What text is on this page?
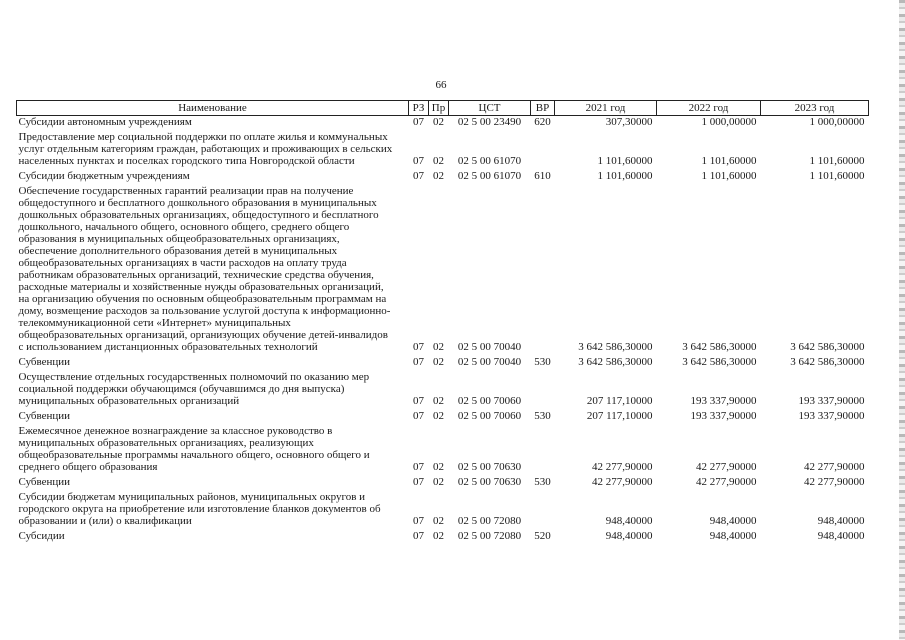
66
Наименование	РЗ	Пр	ЦСТ	ВР	2021 год	2022 год	2023 год
Субсидии автономным учреждениям	07	02	02 5 00 23490	620	307,30000	1 000,00000	1 000,00000
Предоставление мер социальной поддержки по оплате жилья и коммунальных услуг отдельным категориям граждан, работающих и проживающих в сельских населенных пунктах и поселках городского типа Новгородской области	07	02	02 5 00 61070		1 101,60000	1 101,60000	1 101,60000
Субсидии бюджетным учреждениям	07	02	02 5 00 61070	610	1 101,60000	1 101,60000	1 101,60000
Обеспечение государственных гарантий реализации прав на получение общедоступного и бесплатного дошкольного образования в муниципальных дошкольных образовательных организациях, общедоступного и бесплатного дошкольного, начального общего, основного общего, среднего общего образования в муниципальных общеобразовательных организациях, обеспечение дополнительного образования детей в муниципальных общеобразовательных организациях в части расходов на оплату труда работникам образовательных организаций, технические средства обучения, расходные материалы и хозяйственные нужды образовательных организаций, на организацию обучения по основным общеобразовательным программам на дому, возмещение расходов за пользование услугой доступа к информационно-телекоммуникационной сети «Интернет» муниципальных общеобразовательных организаций, организующих обучение детей-инвалидов с использованием дистанционных образовательных технологий	07	02	02 5 00 70040		3 642 586,30000	3 642 586,30000	3 642 586,30000
Субвенции	07	02	02 5 00 70040	530	3 642 586,30000	3 642 586,30000	3 642 586,30000
Осуществление отдельных государственных полномочий по оказанию мер социальной поддержки обучающимся (обучавшимся до дня выпуска) муниципальных образовательных организаций	07	02	02 5 00 70060		207 117,10000	193 337,90000	193 337,90000
Субвенции	07	02	02 5 00 70060	530	207 117,10000	193 337,90000	193 337,90000
Ежемесячное денежное вознаграждение за классное руководство в муниципальных образовательных организациях, реализующих общеобразовательные программы начального общего, основного общего и среднего общего образования	07	02	02 5 00 70630		42 277,90000	42 277,90000	42 277,90000
Субвенции	07	02	02 5 00 70630	530	42 277,90000	42 277,90000	42 277,90000
Субсидии бюджетам муниципальных районов, муниципальных округов и городского округа на приобретение или изготовление бланков документов об образовании и (или) о квалификации	07	02	02 5 00 72080		948,40000	948,40000	948,40000
Субсидии	07	02	02 5 00 72080	520	948,40000	948,40000	948,40000
